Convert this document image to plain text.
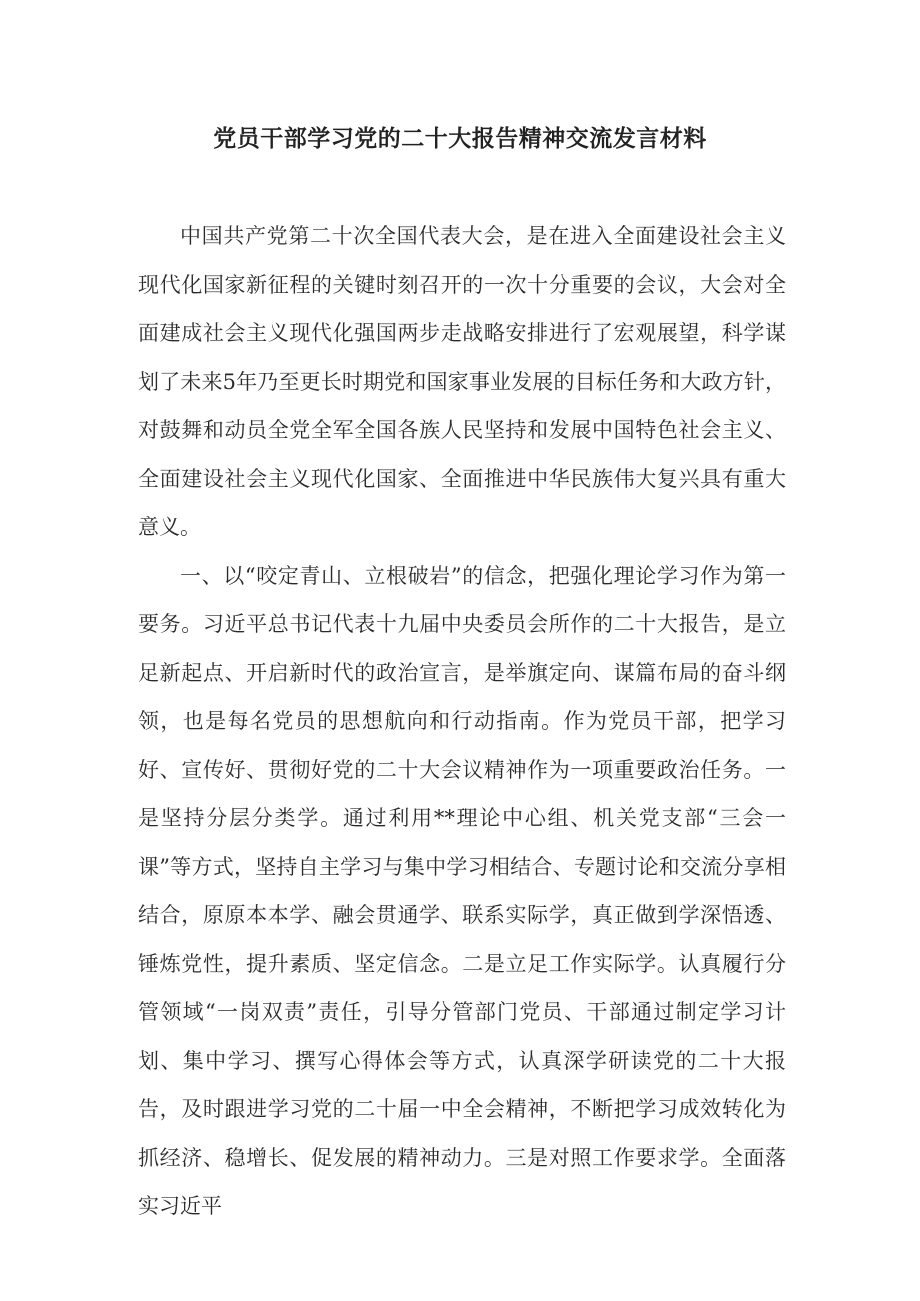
党员干部学习党的二十大报告精神交流发言材料

中国共产党第二十次全国代表大会，是在进入全面建设社会主义现代化国家新征程的关键时刻召开的一次十分重要的会议，大会对全面建成社会主义现代化强国两步走战略安排进行了宏观展望，科学谋划了未来5年乃至更长时期党和国家事业发展的目标任务和大政方针，对鼓舞和动员全党全军全国各族人民坚持和发展中国特色社会主义、全面建设社会主义现代化国家、全面推进中华民族伟大复兴具有重大意义。

一、以“咬定青山、立根破岩”的信念，把强化理论学习作为第一要务。习近平总书记代表十九届中央委员会所作的二十大报告，是立足新起点、开启新时代的政治宣言，是举旗定向、谋篇布局的奋斗纲领，也是每名党员的思想航向和行动指南。作为党员干部，把学习好、宣传好、贯彻好党的二十大会议精神作为一项重要政治任务。一是坚持分层分类学。通过利用**理论中心组、机关党支部“三会一课”等方式，坚持自主学习与集中学习相结合、专题讨论和交流分享相结合，原原本本学、融会贯通学、联系实际学，真正做到学深悟透、锤炼党性，提升素质、坚定信念。二是立足工作实际学。认真履行分管领域“一岗双责”责任，引导分管部门党员、干部通过制定学习计划、集中学习、撰写心得体会等方式，认真深学研读党的二十大报告，及时跟进学习党的二十届一中全会精神，不断把学习成效转化为抓经济、稳增长、促发展的精神动力。三是对照工作要求学。全面落实习近平
